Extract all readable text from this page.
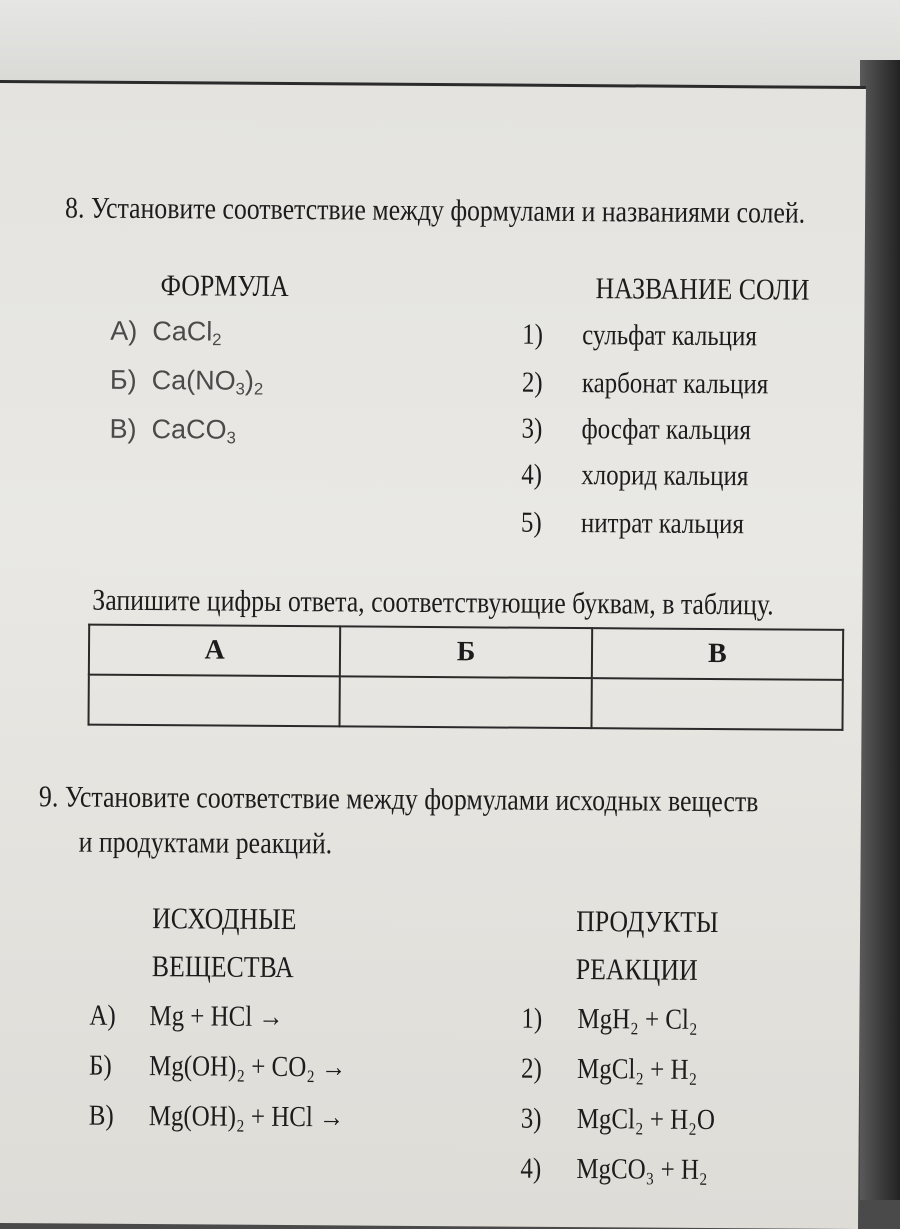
8. Установите соответствие между формулами и названиями солей.
ФОРМУЛА	НАЗВАНИЕ СОЛИ
А) CaCl$_2$
Б) $Ca(NO_3)_2$
В) CaCO$_3$
1) сульфат кальция
2) карбонат кальция
3) фосфат кальция
4) хлорид кальция
5) нитрат кальция
Запишите цифры ответа, соответствующие буквам, в таблицу.
А	Б	В

9. Установите соответствие между формулами исходных веществ
и продуктами реакций.
ИСХОДНЫЕ
ВЕЩЕСТВА
ПРОДУКТЫ
РЕАКЦИИ
А) Mg + HCl →
Б) Mg(OH)₂ + CO₂ →
В) Mg(OH)₂ + HCl →
1) MgH₂ + Cl₂
2) MgCl₂ + H₂
3) MgCl₂ + H₂O
4) MgCO₃ + H₂
